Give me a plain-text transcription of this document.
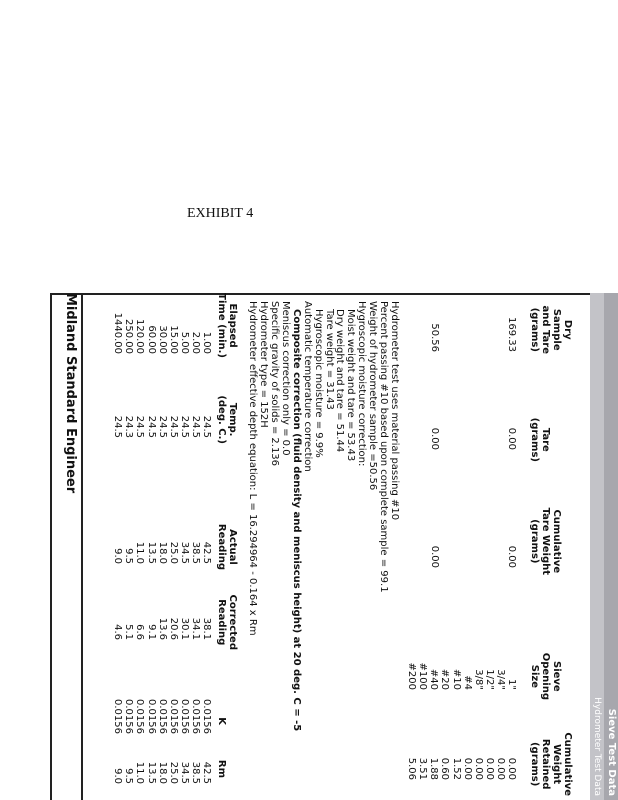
EXHIBIT 4
Sieve Test Data
Hydrometer Test Data
Dry
Sample
and Tare
(grams)
Tare
(grams)
Cumulative
Tare Weight
(grams)
Sieve
Opening
Size
Cumulative
Weight
Retained
(grams)
169.33
0.00
0.00
50.56
0.00
0.00
1"
3/4"
1/2"
3/8"
#4
#10
#20
#40
#100
#200
0.00
0.00
0.00
0.00
0.00
1.52
0.60
1.88
3.51
5.06
Hydrometer test uses material passing #10
Percent passing #10 based upon complete sample = 99.1
Weight of hydrometer sample =50.56
Hygroscopic moisture correction:
Moist weight and tare = 53.43
Dry weight and tare = 51.44
Tare weight = 31.43
Hygroscopic moisture = 9.9%
Automatic temperature correction
Composite correction (fluid density and meniscus height) at 20 deg. C = -5
Meniscus correction only = 0.0
Specific gravity of solids = 2.136
Hydrometer type = 152H
Hydrometer effective depth equation: L = 16.294964 - 0.164 x Rm
Elapsed
Time (min.)
Temp.
(deg. C.)
Actual
Reading
Corrected
Reading
K
Rm
1.00
2.00
5.00
15.00
30.00
60.00
120.00
250.00
1440.00
24.5
24.5
24.5
24.5
24.5
24.5
24.5
24.3
24.5
42.5
38.5
34.5
25.0
18.0
13.5
11.0
9.5
9.0
38.1
34.1
30.1
20.6
13.6
9.1
6.6
5.1
4.6
0.0156
0.0156
0.0156
0.0156
0.0156
0.0156
0.0156
0.0156
0.0156
42.5
38.5
34.5
25.0
18.0
13.5
11.0
9.5
9.0
Midland Standard Engineer
